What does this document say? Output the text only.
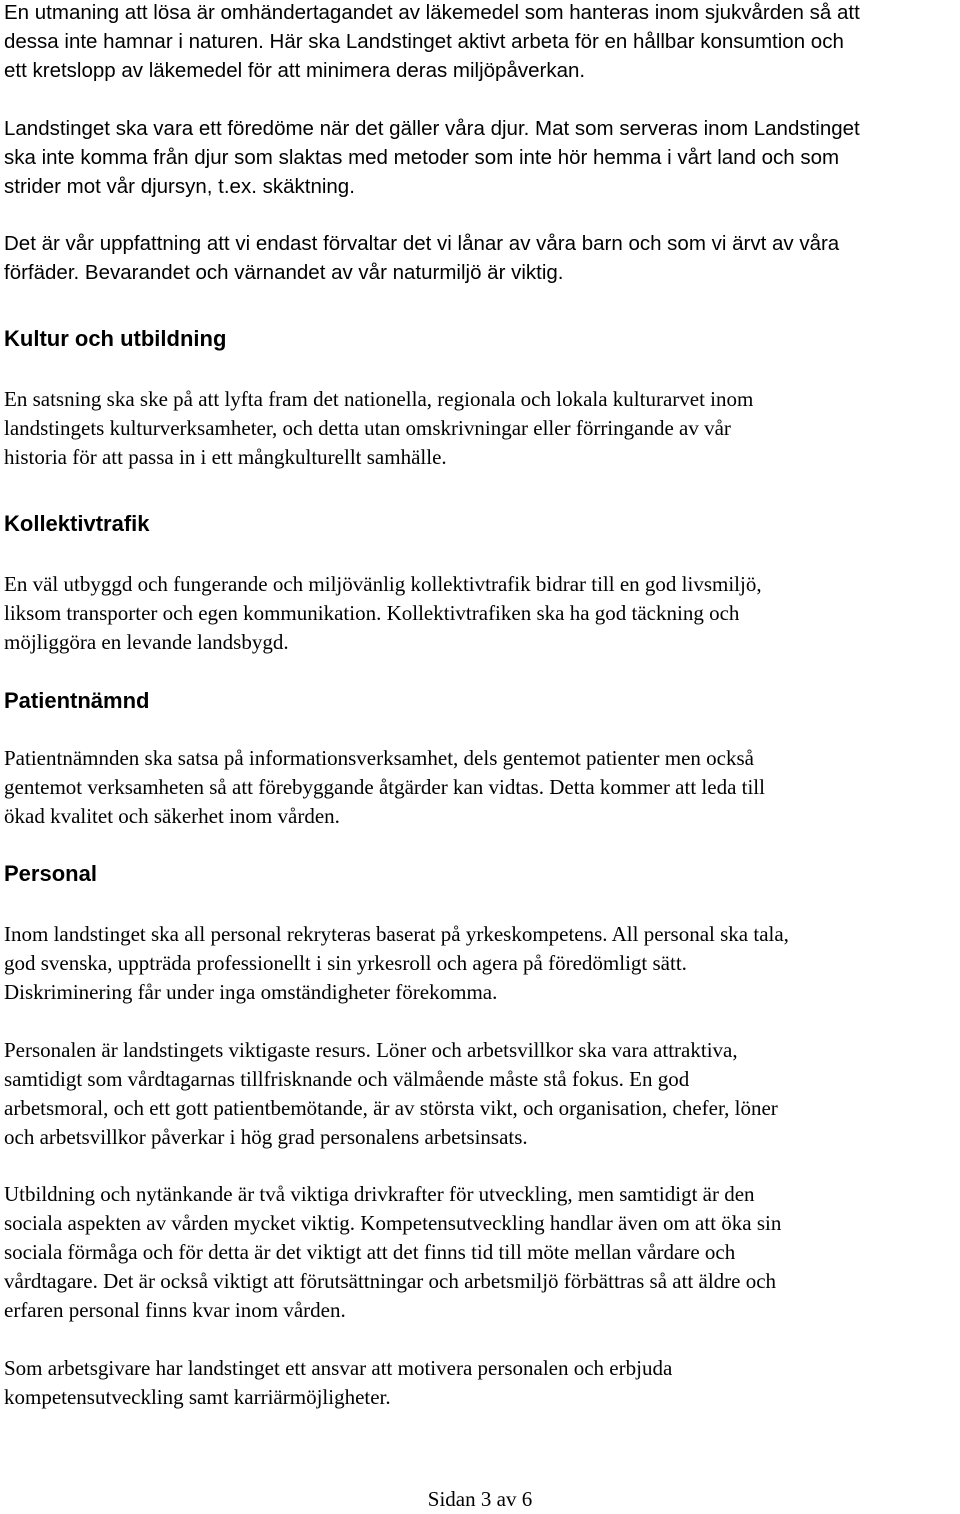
En utmaning att lösa är omhändertagandet av läkemedel som hanteras inom sjukvården så att
dessa inte hamnar i naturen. Här ska Landstinget aktivt arbeta för en hållbar konsumtion och
ett kretslopp av läkemedel för att minimera deras miljöpåverkan.

Landstinget ska vara ett föredöme när det gäller våra djur. Mat som serveras inom Landstinget
ska inte komma från djur som slaktas med metoder som inte hör hemma i vårt land och som
strider mot vår djursyn, t.ex. skäktning.

Det är vår uppfattning att vi endast förvaltar det vi lånar av våra barn och som vi ärvt av våra
förfäder. Bevarandet och värnandet av vår naturmiljö är viktig.

Kultur och utbildning

En satsning ska ske på att lyfta fram det nationella, regionala och lokala kulturarvet inom
landstingets kulturverksamheter, och detta utan omskrivningar eller förringande av vår
historia för att passa in i ett mångkulturellt samhälle.

Kollektivtrafik

En väl utbyggd och fungerande och miljövänlig kollektivtrafik bidrar till en god livsmiljö,
liksom transporter och egen kommunikation. Kollektivtrafiken ska ha god täckning och
möjliggöra en levande landsbygd.

Patientnämnd

Patientnämnden ska satsa på informationsverksamhet, dels gentemot patienter men också
gentemot verksamheten så att förebyggande åtgärder kan vidtas. Detta kommer att leda till
ökad kvalitet och säkerhet inom vården.

Personal

Inom landstinget ska all personal rekryteras baserat på yrkeskompetens. All personal ska tala,
god svenska, uppträda professionellt i sin yrkesroll och agera på föredömligt sätt.
Diskriminering får under inga omständigheter förekomma.

Personalen är landstingets viktigaste resurs. Löner och arbetsvillkor ska vara attraktiva,
samtidigt som vårdtagarnas tillfrisknande och välmående måste stå fokus. En god
arbetsmoral, och ett gott patientbemötande, är av största vikt, och organisation, chefer, löner
och arbetsvillkor påverkar i hög grad personalens arbetsinsats.

Utbildning och nytänkande är två viktiga drivkrafter för utveckling, men samtidigt är den
sociala aspekten av vården mycket viktig. Kompetensutveckling handlar även om att öka sin
sociala förmåga och för detta är det viktigt att det finns tid till möte mellan vårdare och
vårdtagare. Det är också viktigt att förutsättningar och arbetsmiljö förbättras så att äldre och
erfaren personal finns kvar inom vården.

Som arbetsgivare har landstinget ett ansvar att motivera personalen och erbjuda
kompetensutveckling samt karriärmöjligheter.

Sidan 3 av 6
